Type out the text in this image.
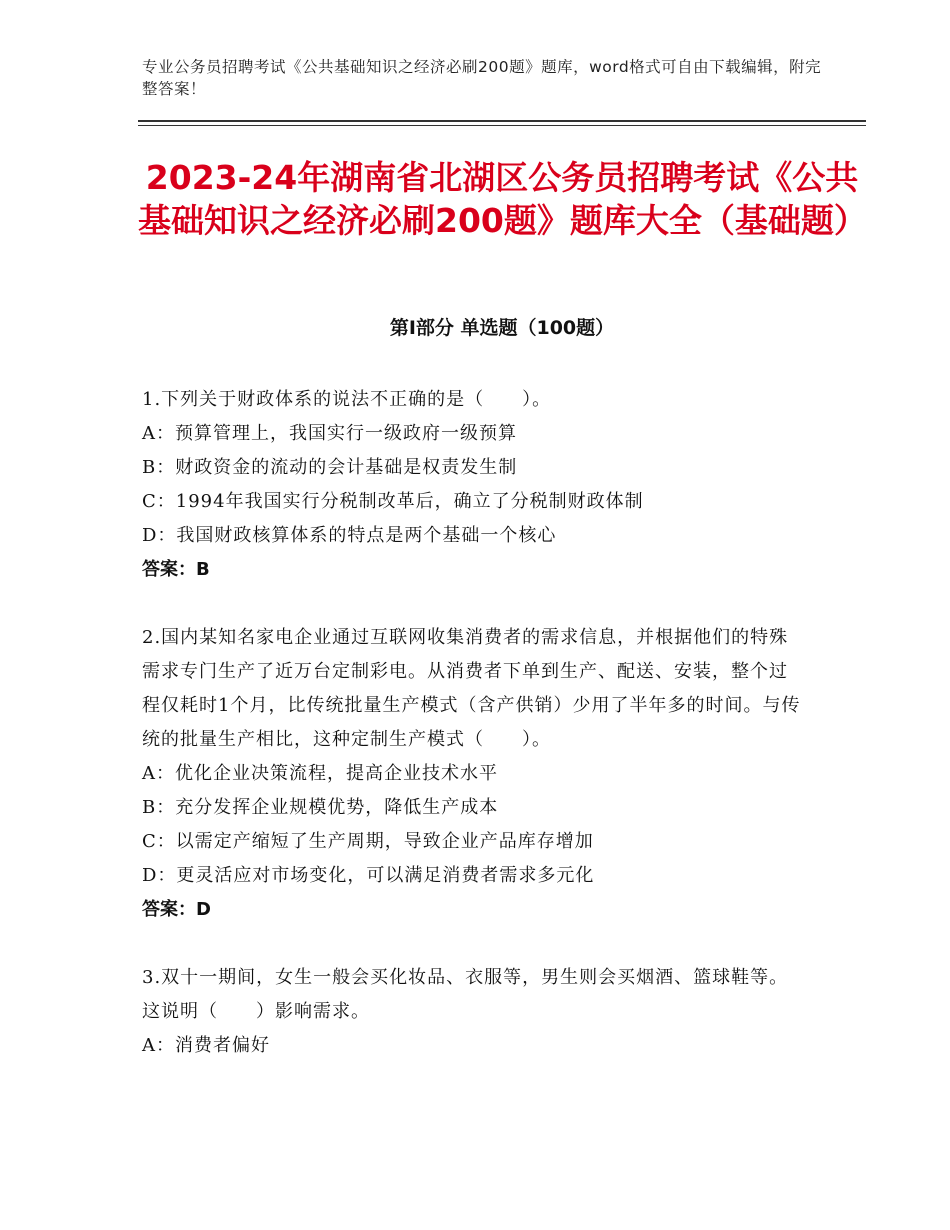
专业公务员招聘考试《公共基础知识之经济必刷200题》题库，word格式可自由下载编辑，附完整答案！
2023-24年湖南省北湖区公务员招聘考试《公共基础知识之经济必刷200题》题库大全（基础题）
第Ⅰ部分 单选题（100题）
1.下列关于财政体系的说法不正确的是（　　）。
A：预算管理上，我国实行一级政府一级预算
B：财政资金的流动的会计基础是权责发生制
C：1994年我国实行分税制改革后，确立了分税制财政体制
D：我国财政核算体系的特点是两个基础一个核心
答案：B
2.国内某知名家电企业通过互联网收集消费者的需求信息，并根据他们的特殊需求专门生产了近万台定制彩电。从消费者下单到生产、配送、安装，整个过程仅耗时1个月，比传统批量生产模式（含产供销）少用了半年多的时间。与传统的批量生产相比，这种定制生产模式（　　）。
A：优化企业决策流程，提高企业技术水平
B：充分发挥企业规模优势，降低生产成本
C：以需定产缩短了生产周期，导致企业产品库存增加
D：更灵活应对市场变化，可以满足消费者需求多元化
答案：D
3.双十一期间，女生一般会买化妆品、衣服等，男生则会买烟酒、篮球鞋等。这说明（　　）影响需求。
A：消费者偏好
